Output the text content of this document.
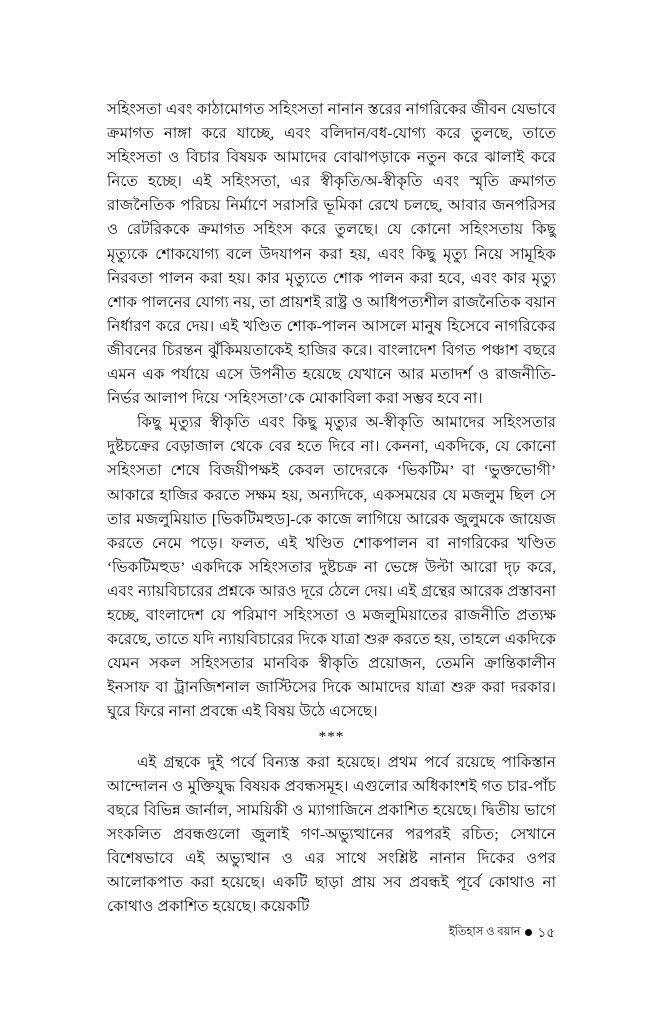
সহিংসতা এবং কাঠামোগত সহিংসতা নানান স্তরের নাগরিকের জীবন যেভাবে ক্রমাগত নাঙ্গা করে যাচ্ছে, এবং বলিদান/বধ-যোগ্য করে তুলছে, তাতে সহিংসতা ও বিচার বিষয়ক আমাদের বোঝাপড়াকে নতুন করে ঝালাই করে নিতে হচ্ছে। এই সহিংসতা, এর স্বীকৃতি/অ-স্বীকৃতি এবং স্মৃতি ক্রমাগত রাজনৈতিক পরিচয় নির্মাণে সরাসরি ভূমিকা রেখে চলছে, আবার জনপরিসর ও রেটরিককে ক্রমাগত সহিংস করে তুলছে। যে কোনো সহিংসতায় কিছু মৃত্যুকে শোকযোগ্য বলে উদযাপন করা হয়, এবং কিছু মৃত্যু নিয়ে সামূহিক নিরবতা পালন করা হয়। কার মৃত্যুতে শোক পালন করা হবে, এবং কার মৃত্যু শোক পালনের যোগ্য নয়, তা প্রায়শই রাষ্ট্র ও আধিপত্যশীল রাজনৈতিক বয়ান নির্ধারণ করে দেয়। এই খণ্ডিত শোক-পালন আসলে মানুষ হিসেবে নাগরিকের জীবনের চিরন্তন ঝুঁকিময়তাকেই হাজির করে। বাংলাদেশ বিগত পঞ্চাশ বছরে এমন এক পর্যায়ে এসে উপনীত হয়েছে যেখানে আর মতাদর্শ ও রাজনীতি-নির্ভর আলাপ দিয়ে ‘সহিংসতা’কে মোকাবিলা করা সম্ভব হবে না।

কিছু মৃত্যুর স্বীকৃতি এবং কিছু মৃত্যুর অ-স্বীকৃতি আমাদের সহিংসতার দুষ্টচক্রের বেড়াজাল থেকে বের হতে দিবে না। কেননা, একদিকে, যে কোনো সহিংসতা শেষে বিজয়ীপক্ষই কেবল তাদেরকে ‘ভিকটিম’ বা ‘ভুক্তভোগী’ আকারে হাজির করতে সক্ষম হয়, অন্যদিকে, একসময়ের যে মজলুম ছিল সে তার মজলুমিয়াত [ভিকটিমহুড]-কে কাজে লাগিয়ে আরেক জুলুমকে জায়েজ করতে নেমে পড়ে। ফলত, এই খণ্ডিত শোকপালন বা নাগরিকের খণ্ডিত ‘ভিকটিমহুড’ একদিকে সহিংসতার দুষ্টচক্র না ভেঙ্গে উল্টা আরো দৃঢ় করে, এবং ন্যায়বিচারের প্রশ্নকে আরও দূরে ঠেলে দেয়। এই গ্রন্থের আরেক প্রস্তাবনা হচ্ছে, বাংলাদেশ যে পরিমাণ সহিংসতা ও মজলুমিয়াতের রাজনীতি প্রত্যক্ষ করেছে, তাতে যদি ন্যায়বিচারের দিকে যাত্রা শুরু করতে হয়, তাহলে একদিকে যেমন সকল সহিংসতার মানবিক স্বীকৃতি প্রয়োজন, তেমনি ক্রান্তিকালীন ইনসাফ বা ট্রানজিশনাল জাস্টিসের দিকে আমাদের যাত্রা শুরু করা দরকার। ঘুরে ফিরে নানা প্রবন্ধে এই বিষয় উঠে এসেছে।

***

এই গ্রন্থকে দুই পর্বে বিন্যস্ত করা হয়েছে। প্রথম পর্বে রয়েছে পাকিস্তান আন্দোলন ও মুক্তিযুদ্ধ বিষয়ক প্রবন্ধসমূহ। এগুলোর অধিকাংশই গত চার-পাঁচ বছরে বিভিন্ন জার্নাল, সাময়িকী ও ম্যাগাজিনে প্রকাশিত হয়েছে। দ্বিতীয় ভাগে সংকলিত প্রবন্ধগুলো জুলাই গণ-অভ্যুত্থানের পরপরই রচিত; সেখানে বিশেষভাবে এই অভ্যুত্থান ও এর সাথে সংশ্লিষ্ট নানান দিকের ওপর আলোকপাত করা হয়েছে। একটি ছাড়া প্রায় সব প্রবন্ধই পূর্বে কোথাও না কোথাও প্রকাশিত হয়েছে। কয়েকটি

ইতিহাস ও বয়ান ১৫
